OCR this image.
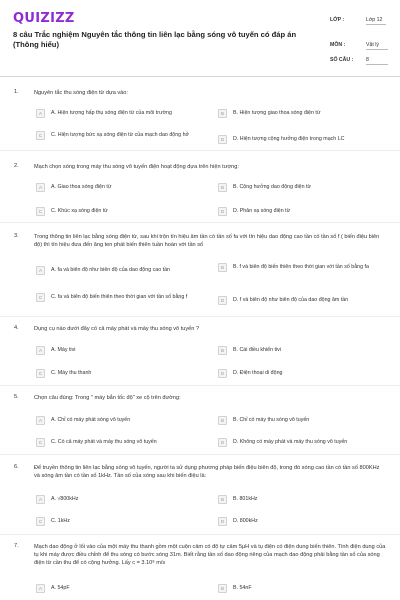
QUIZIZZ
8 câu Trắc nghiệm Nguyên tắc thông tin liên lạc bằng sóng vô tuyến có đáp án (Thông hiểu)
LỚP :	Lớp 12
MÔN :	Vật lý
SỐ CÂU : 8
1.	Nguyên tắc thu sóng điện từ dựa vào:
A	A. Hiện tượng hấp thụ sóng điện từ của môi trường	B	B. Hiện tượng giao thoa sóng điện từ
C	C. Hiện tượng bức xạ sóng điện từ của mạch dao động hở
D	D. Hiện tượng cộng hưởng điện trong mạch LC
2.	Mạch chọn sóng trong máy thu sóng vô tuyến điện hoạt động dựa trên hiện tượng:
A	A. Giao thoa sóng điện từ	B	B. Cộng hưởng dao động điện từ
C	C. Khúc xạ sóng điện từ	D	D. Phản xạ sóng điện từ
3.	Trong thông tin liên lạc bằng sóng điện từ, sau khi trộn tín hiệu âm tần có tần số fa với tín hiệu dao động cao tần có tần số f ( biến điệu biên độ) thì tín hiệu đưa đến ăng ten phát biến thiên tuần hoàn với tần số
A	A. fa và biên độ như biên độ của dao động cao tần	B	B. f và biên độ biến thiên theo thời gian với tần số bằng fa
C	C. fa và biên độ biến thiên theo thời gian với tần số bằng f
D	D. f và biên độ như biên độ của dao động âm tần
4.	Dụng cụ nào dưới đây có cả máy phát và máy thu sóng vô tuyến ?
A	A. Máy tivi	B	B. Cái điều khiển tivi
C	C. Máy thu thanh	D	D. Điện thoại di động
5.	Chọn câu đúng: Trong " máy bắn tốc độ" xe cộ trên đường:
A	A. Chỉ có máy phát sóng vô tuyến	B	B. Chỉ có máy thu sóng vô tuyến
C	C. Có cả máy phát và máy thu sóng vô tuyến	D	D. Không có máy phát và máy thu sóng vô tuyến
6.	Để truyền thông tin liên lạc bằng sóng vô tuyến, người ta sử dụng phương pháp biến điệu biên độ, trong đó sóng cao tần có tần số 800KHz và sóng âm tần có tần số 1kHz. Tần số của sóng sau khi biến điệu là:
A	A. √800kHz	B	B. 801kHz
C	C. 1kHz	D	D. 800kHz
7.	Mạch dao động ở lối vào của một máy thu thanh gồm một cuộn cảm có độ tự cảm 5μH và tụ điện có điện dung biến thiên. Tính điện dung của tụ khi máy được điều chỉnh để thu sóng có bước sóng 31m. Biết rằng tần số dao động riêng của mạch dao động phải bằng tần số của sóng điện từ cần thu để có cộng hưởng. Lấy c = 3.10⁸ m/s
A	A. 54pF	B	B. 54nF
